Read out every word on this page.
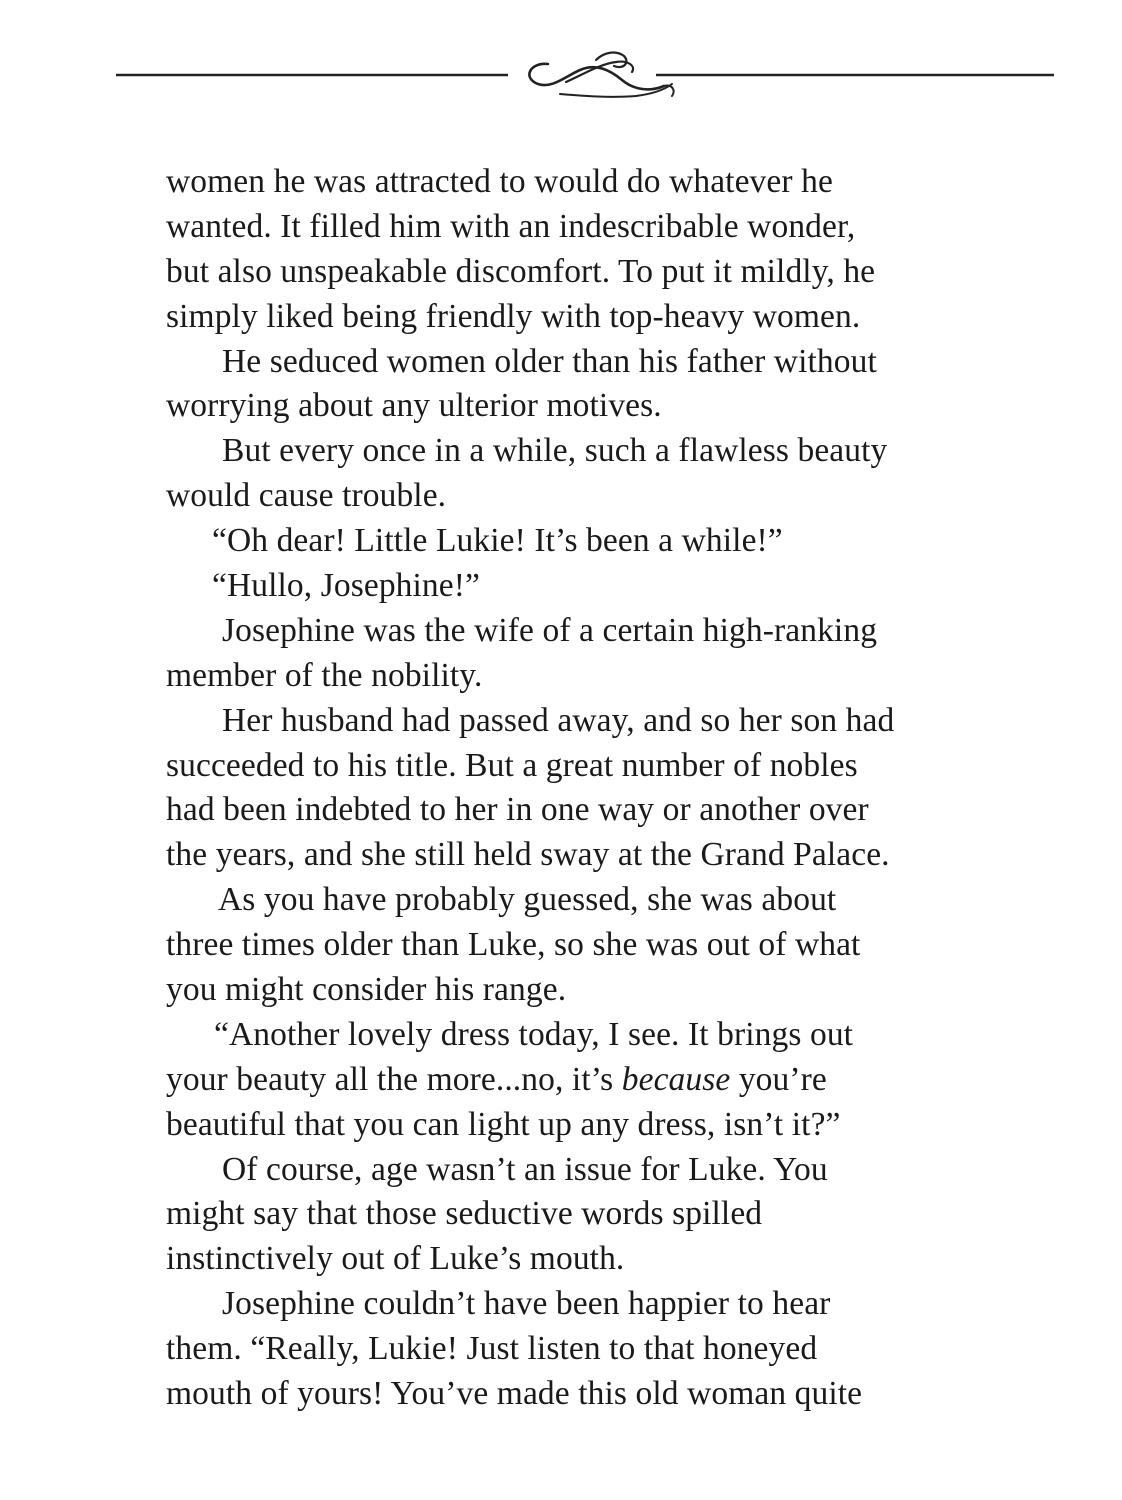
women he was attracted to would do whatever he
wanted. It filled him with an indescribable wonder,
but also unspeakable discomfort. To put it mildly, he
simply liked being friendly with top-heavy women.
He seduced women older than his father without
worrying about any ulterior motives.
But every once in a while, such a flawless beauty
would cause trouble.
“Oh dear! Little Lukie! It’s been a while!”
“Hullo, Josephine!”
Josephine was the wife of a certain high-ranking
member of the nobility.
Her husband had passed away, and so her son had
succeeded to his title. But a great number of nobles
had been indebted to her in one way or another over
the years, and she still held sway at the Grand Palace.
As you have probably guessed, she was about
three times older than Luke, so she was out of what
you might consider his range.
“Another lovely dress today, I see. It brings out
your beauty all the more...no, it’s because you’re
beautiful that you can light up any dress, isn’t it?”
Of course, age wasn’t an issue for Luke. You
might say that those seductive words spilled
instinctively out of Luke’s mouth.
Josephine couldn’t have been happier to hear
them. “Really, Lukie! Just listen to that honeyed
mouth of yours! You’ve made this old woman quite
